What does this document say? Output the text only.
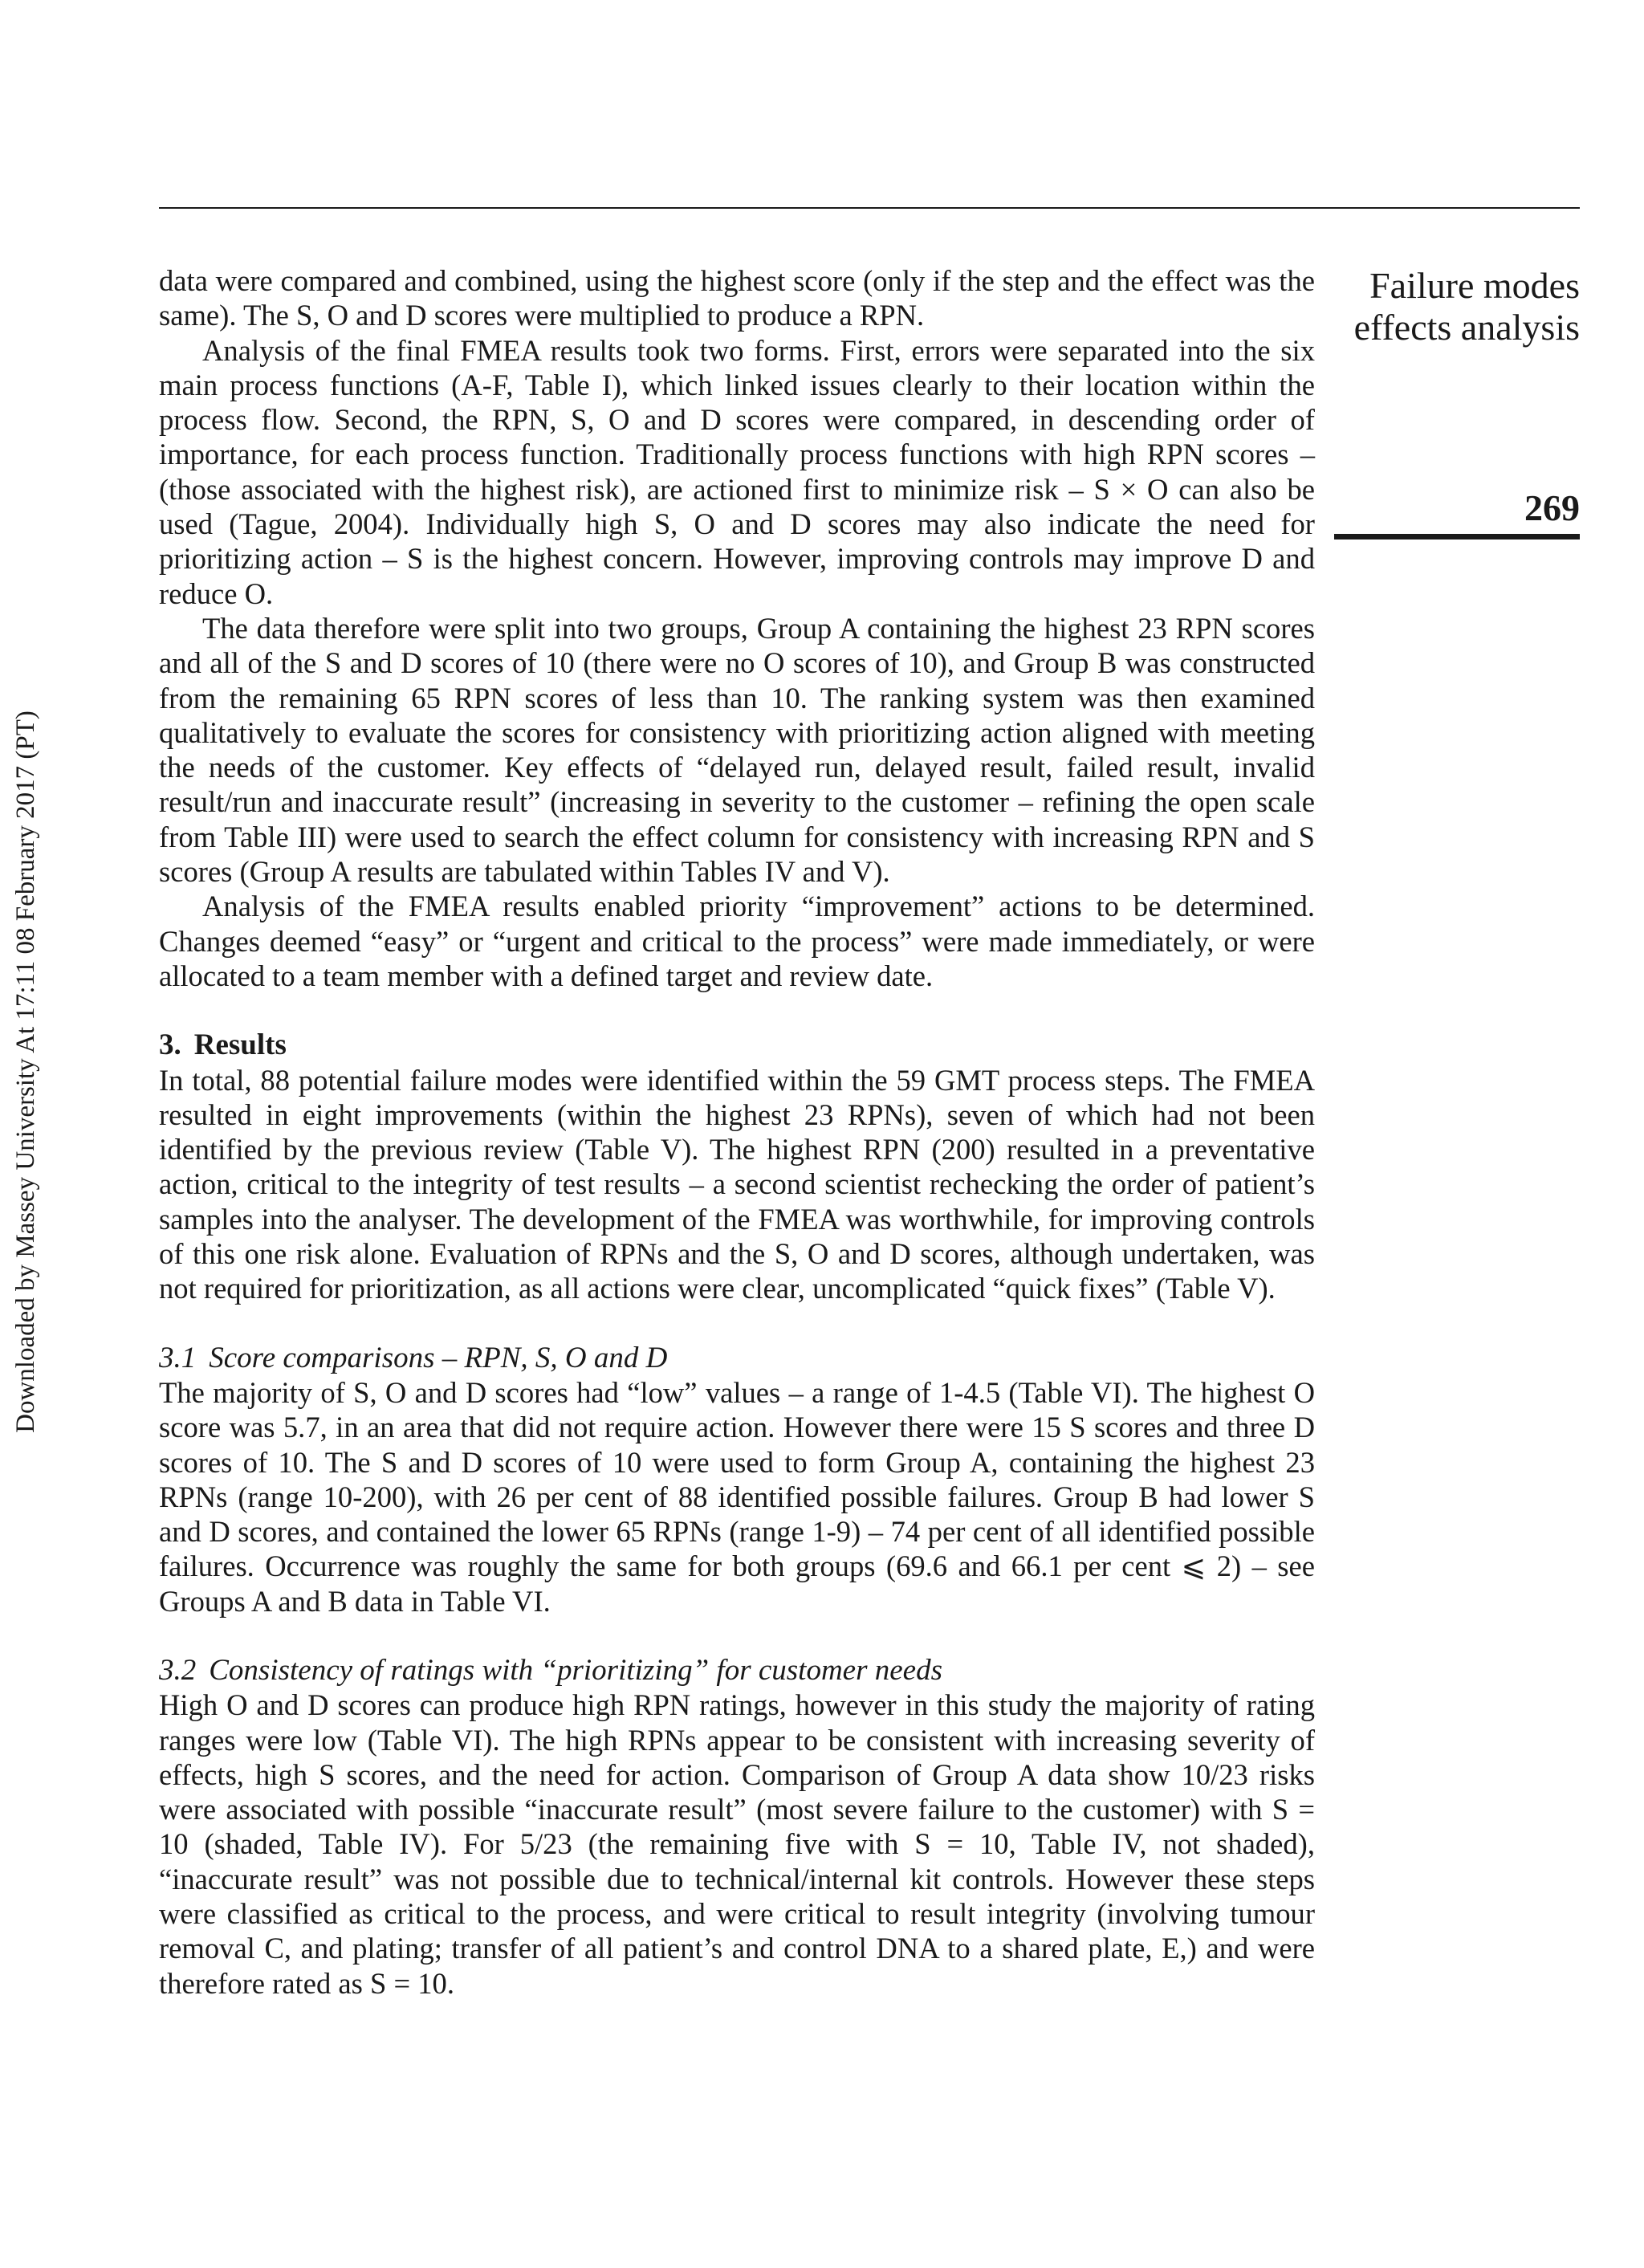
Downloaded by Massey University At 17:11 08 February 2017 (PT)
Failure modes
effects analysis
269

data were compared and combined, using the highest score (only if the step and the effect was the same). The S, O and D scores were multiplied to produce a RPN.

Analysis of the final FMEA results took two forms. First, errors were separated into the six main process functions (A-F, Table I), which linked issues clearly to their location within the process flow. Second, the RPN, S, O and D scores were compared, in descending order of importance, for each process function. Traditionally process functions with high RPN scores – (those associated with the highest risk), are actioned first to minimize risk – S × O can also be used (Tague, 2004). Individually high S, O and D scores may also indicate the need for prioritizing action – S is the highest concern. However, improving controls may improve D and reduce O.

The data therefore were split into two groups, Group A containing the highest 23 RPN scores and all of the S and D scores of 10 (there were no O scores of 10), and Group B was constructed from the remaining 65 RPN scores of less than 10. The ranking system was then examined qualitatively to evaluate the scores for consistency with prioritizing action aligned with meeting the needs of the customer. Key effects of “delayed run, delayed result, failed result, invalid result/run and inaccurate result” (increasing in severity to the customer – refining the open scale from Table III) were used to search the effect column for consistency with increasing RPN and S scores (Group A results are tabulated within Tables IV and V).

Analysis of the FMEA results enabled priority “improvement” actions to be determined. Changes deemed “easy” or “urgent and critical to the process” were made immediately, or were allocated to a team member with a defined target and review date.

3. Results

In total, 88 potential failure modes were identified within the 59 GMT process steps. The FMEA resulted in eight improvements (within the highest 23 RPNs), seven of which had not been identified by the previous review (Table V). The highest RPN (200) resulted in a preventative action, critical to the integrity of test results – a second scientist rechecking the order of patient’s samples into the analyser. The development of the FMEA was worthwhile, for improving controls of this one risk alone. Evaluation of RPNs and the S, O and D scores, although undertaken, was not required for prioritization, as all actions were clear, uncomplicated “quick fixes” (Table V).

3.1 Score comparisons – RPN, S, O and D

The majority of S, O and D scores had “low” values – a range of 1-4.5 (Table VI). The highest O score was 5.7, in an area that did not require action. However there were 15 S scores and three D scores of 10. The S and D scores of 10 were used to form Group A, containing the highest 23 RPNs (range 10-200), with 26 per cent of 88 identified possible failures. Group B had lower S and D scores, and contained the lower 65 RPNs (range 1-9) – 74 per cent of all identified possible failures. Occurrence was roughly the same for both groups (69.6 and 66.1 per cent ⩽ 2) – see Groups A and B data in Table VI.

3.2 Consistency of ratings with “prioritizing” for customer needs

High O and D scores can produce high RPN ratings, however in this study the majority of rating ranges were low (Table VI). The high RPNs appear to be consistent with increasing severity of effects, high S scores, and the need for action. Comparison of Group A data show 10/23 risks were associated with possible “inaccurate result” (most severe failure to the customer) with S = 10 (shaded, Table IV). For 5/23 (the remaining five with S = 10, Table IV, not shaded), “inaccurate result” was not possible due to technical/internal kit controls. However these steps were classified as critical to the process, and were critical to result integrity (involving tumour removal C, and plating; transfer of all patient’s and control DNA to a shared plate, E,) and were therefore rated as S = 10.
